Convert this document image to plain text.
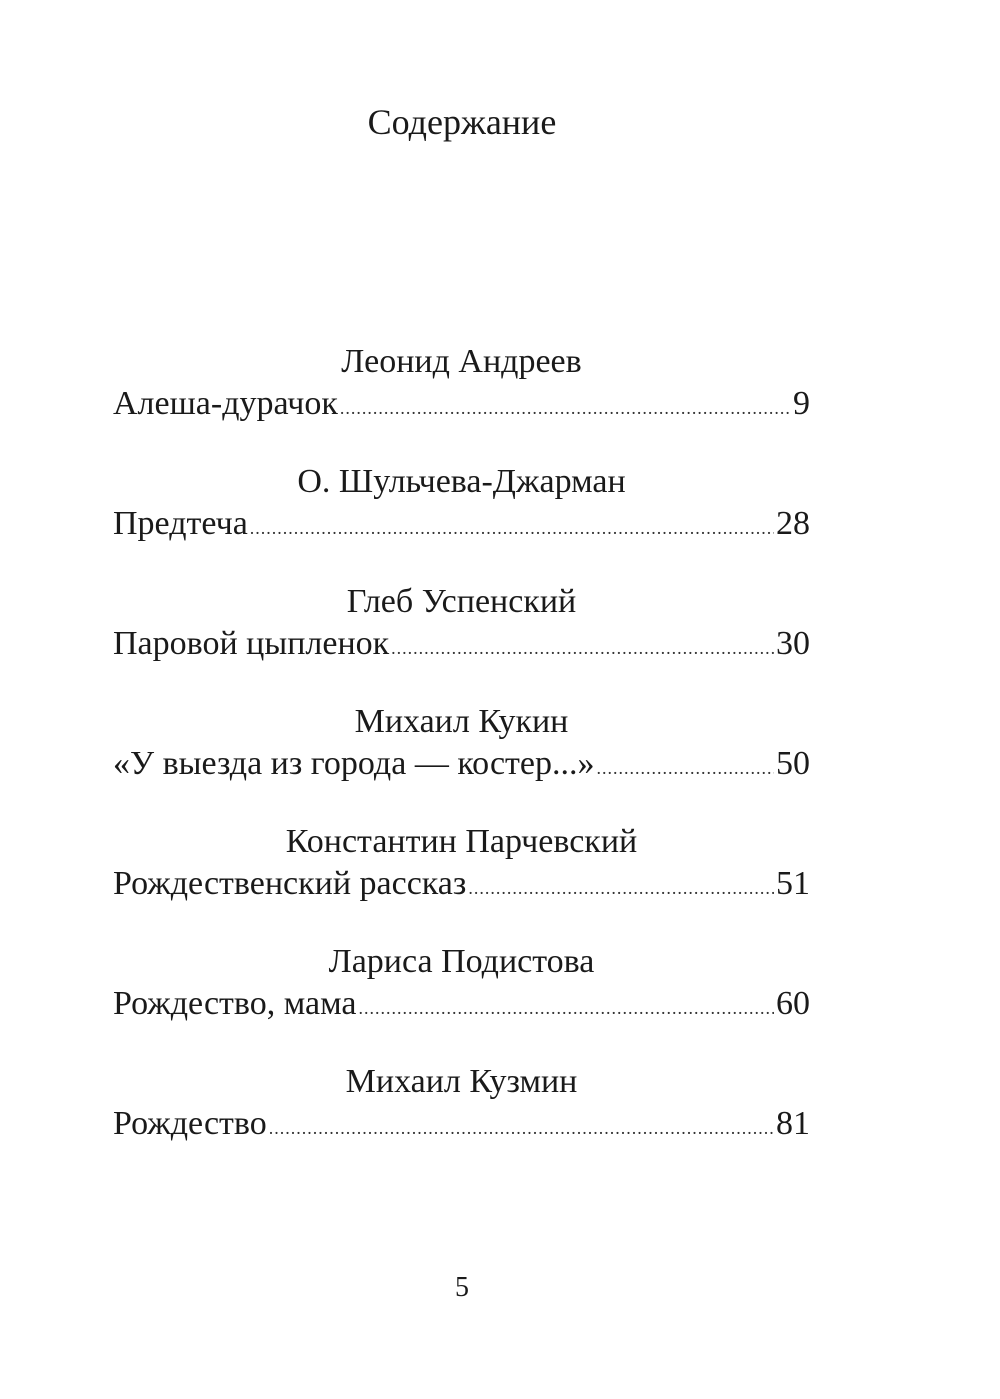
Содержание
Леонид Андреев
Алеша-дурачок .....	9
О. Шульчева-Джарман
Предтеча .....	28
Глеб Успенский
Паровой цыпленок .....	30
Михаил Кукин
«У выезда из города — костер...» .....	50
Константин Парчевский
Рождественский рассказ .....	51
Лариса Подистова
Рождество, мама .....	60
Михаил Кузмин
Рождество .....	81
5
